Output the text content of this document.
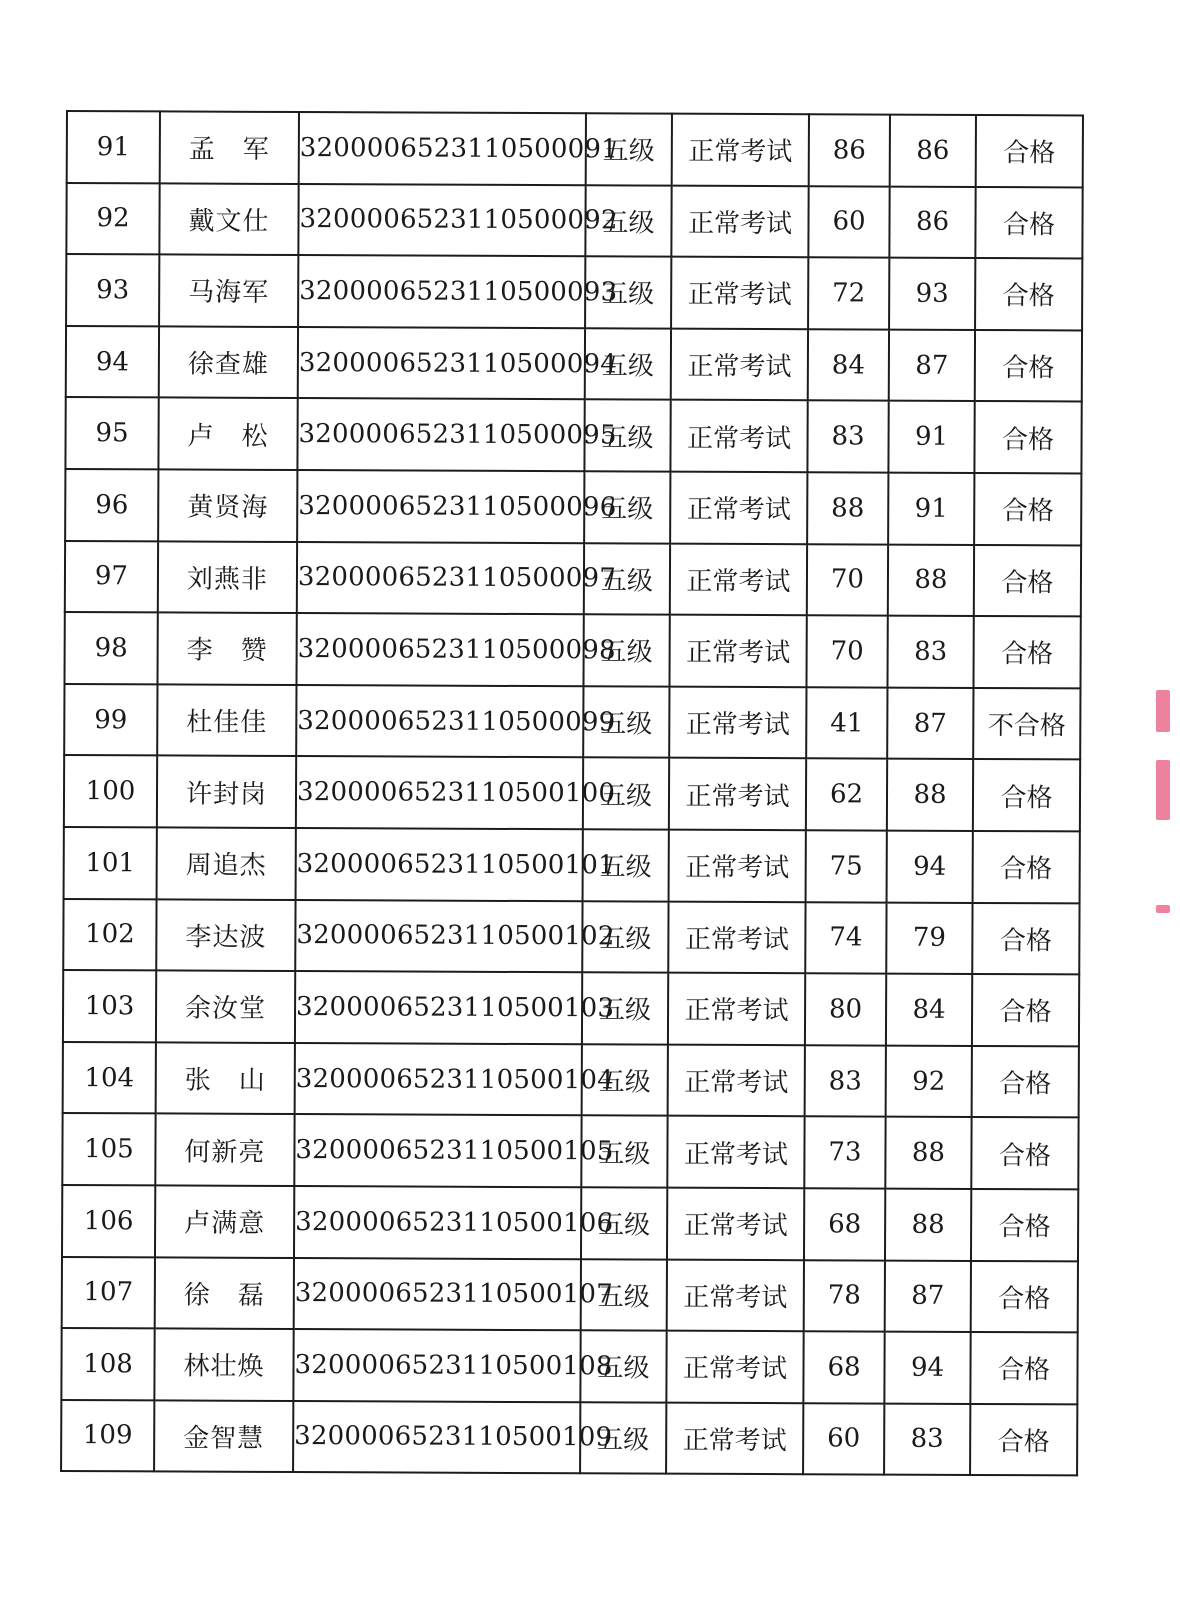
91	孟　军	3200006523110500091	五级	正常考试	86	86	合格
92	戴文仕	3200006523110500092	五级	正常考试	60	86	合格
93	马海军	3200006523110500093	五级	正常考试	72	93	合格
94	徐查雄	3200006523110500094	五级	正常考试	84	87	合格
95	卢　松	3200006523110500095	五级	正常考试	83	91	合格
96	黄贤海	3200006523110500096	五级	正常考试	88	91	合格
97	刘燕非	3200006523110500097	五级	正常考试	70	88	合格
98	李　赞	3200006523110500098	五级	正常考试	70	83	合格
99	杜佳佳	3200006523110500099	五级	正常考试	41	87	不合格
100	许封岗	3200006523110500100	五级	正常考试	62	88	合格
101	周追杰	3200006523110500101	五级	正常考试	75	94	合格
102	李达波	3200006523110500102	五级	正常考试	74	79	合格
103	余汝堂	3200006523110500103	五级	正常考试	80	84	合格
104	张　山	3200006523110500104	五级	正常考试	83	92	合格
105	何新亮	3200006523110500105	五级	正常考试	73	88	合格
106	卢满意	3200006523110500106	五级	正常考试	68	88	合格
107	徐　磊	3200006523110500107	五级	正常考试	78	87	合格
108	林壮焕	3200006523110500108	五级	正常考试	68	94	合格
109	金智慧	3200006523110500109	五级	正常考试	60	83	合格
